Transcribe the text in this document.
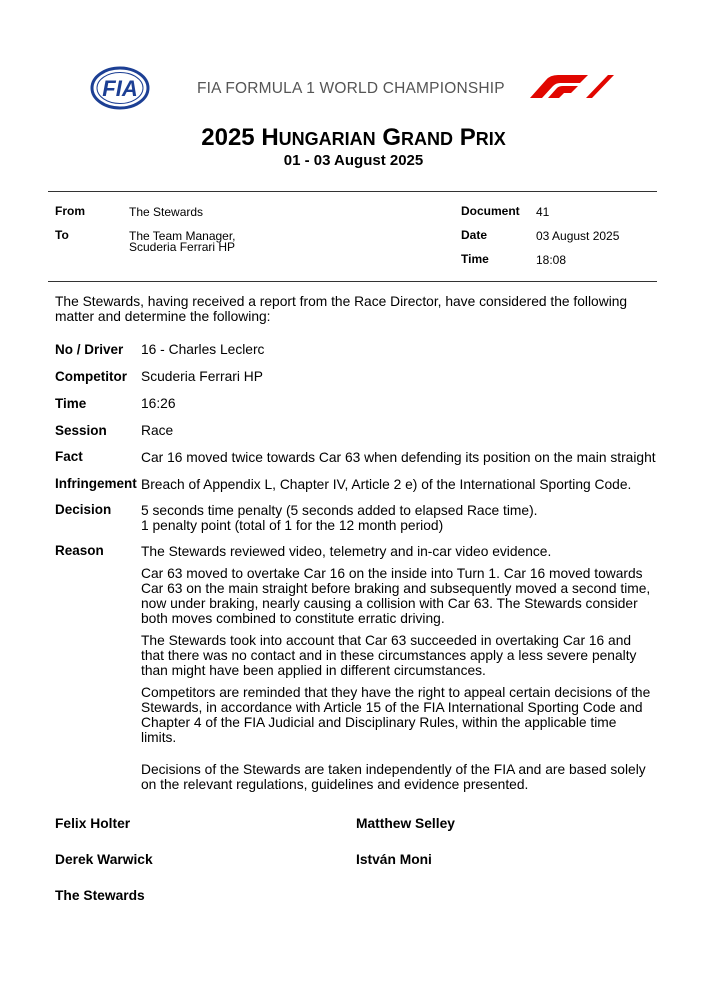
FIA	FIA FORMULA 1 WORLD CHAMPIONSHIP
2025 HUNGARIAN GRAND PRIX
01 - 03 August 2025
From	The Stewards
To	The Team Manager,
Scuderia Ferrari HP
Document 41
Date	03 August 2025
Time	18:08
The Stewards, having received a report from the Race Director, have considered the following matter and determine the following:
No / Driver 16 - Charles Leclerc
Competitor Scuderia Ferrari HP
Time	16:26
Session Race
Fact	Car 16 moved twice towards Car 63 when defending its position on the main straight
Infringement Breach of Appendix L, Chapter IV, Article 2 e) of the International Sporting Code.
Decision 5 seconds time penalty (5 seconds added to elapsed Race time).
1 penalty point (total of 1 for the 12 month period)
Reason	The Stewards reviewed video, telemetry and in-car video evidence.

Car 63 moved to overtake Car 16 on the inside into Turn 1. Car 16 moved towards Car 63 on the main straight before braking and subsequently moved a second time, now under braking, nearly causing a collision with Car 63. The Stewards consider both moves combined to constitute erratic driving.

The Stewards took into account that Car 63 succeeded in overtaking Car 16 and that there was no contact and in these circumstances apply a less severe penalty than might have been applied in different circumstances.

Competitors are reminded that they have the right to appeal certain decisions of the Stewards, in accordance with Article 15 of the FIA International Sporting Code and Chapter 4 of the FIA Judicial and Disciplinary Rules, within the applicable time limits.

Decisions of the Stewards are taken independently of the FIA and are based solely on the relevant regulations, guidelines and evidence presented.

Felix Holter	Matthew Selley
Derek Warwick	István Moni
The Stewards
